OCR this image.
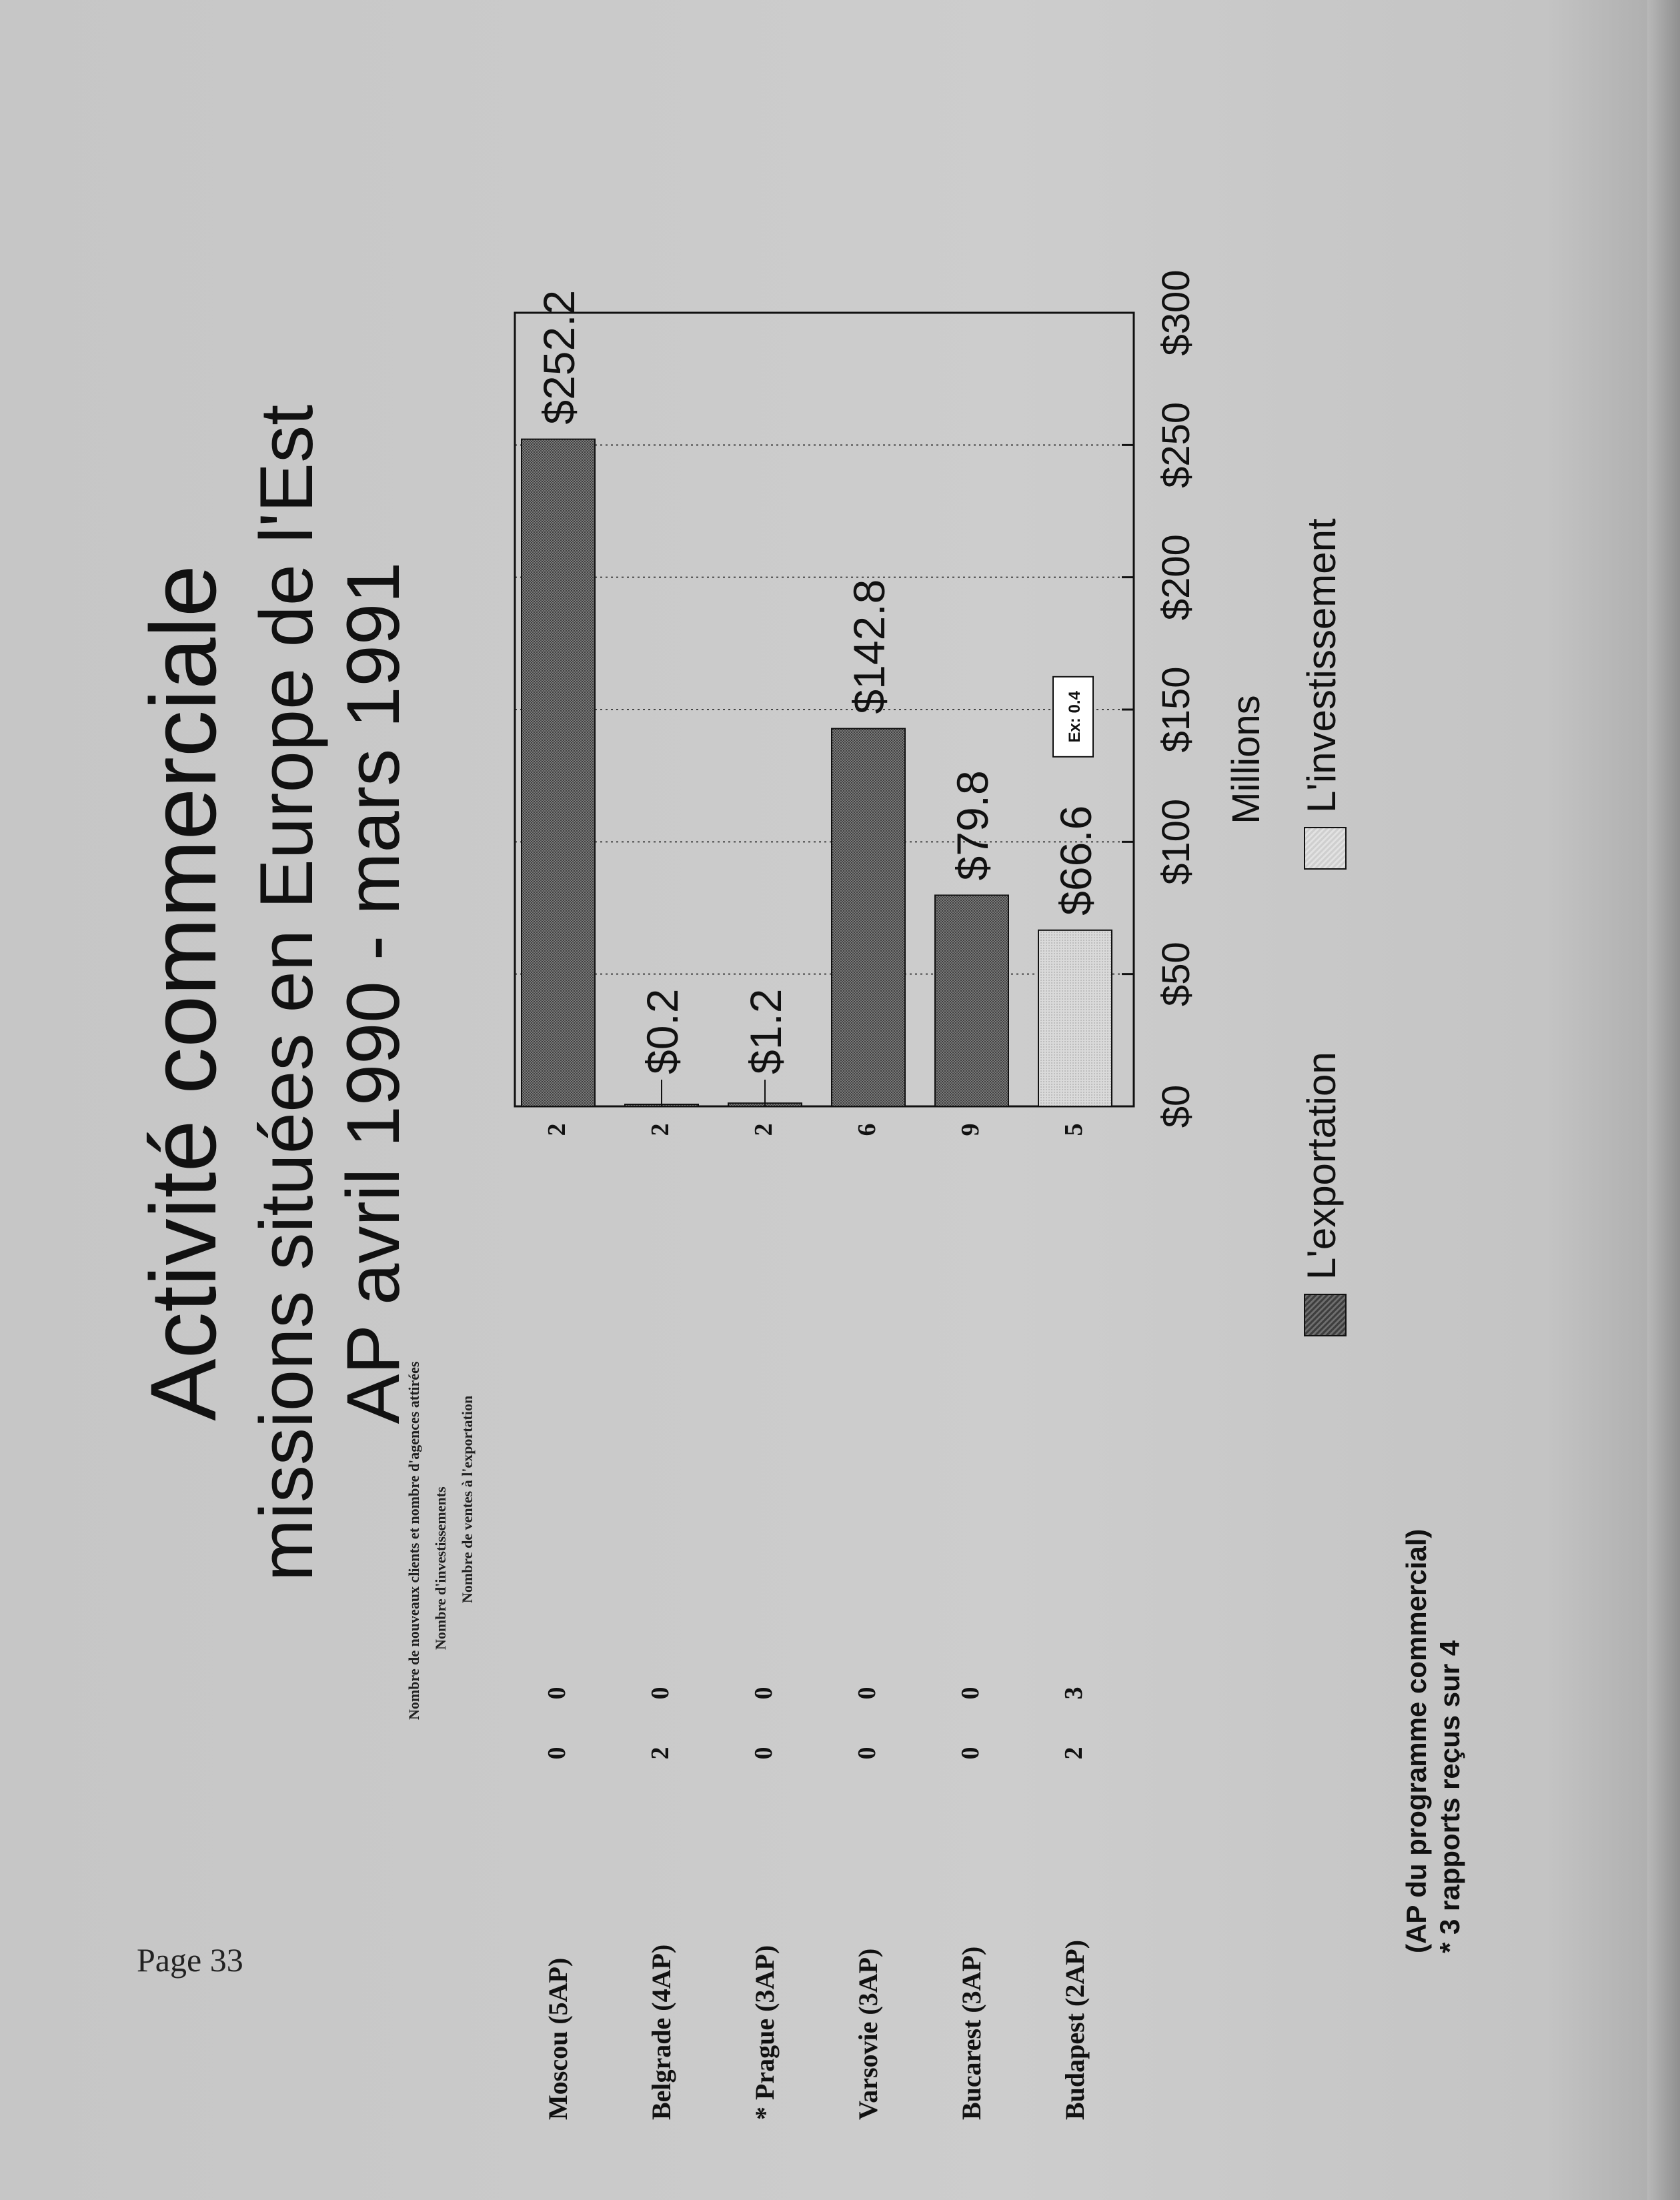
Page 33
Activité commerciale missions situées en Europe de l'Est AP avril 1990 - mars 1991
Nombre de nouveaux clients et nombre d'agences attirées Nombre d'investissements Nombre de ventes à l'exportation
Moscou (5AP)
0
0
2
Belgrade (4AP)
2
0
2
* Prague (3AP)
0
0
2
Varsovie (3AP)
0
0
6
Bucarest (3AP)
0
0
9
Budapest (2AP)
2
3
5
$252.2
$0.2 $1.2
$142.8
$79.8 $66.6
Ex: 0.4
$0
$50
$100
$150
$200
$250
$300
Millions
L'exportation
L'investissement
(AP du programme commercial) * 3 rapports reçus sur 4
